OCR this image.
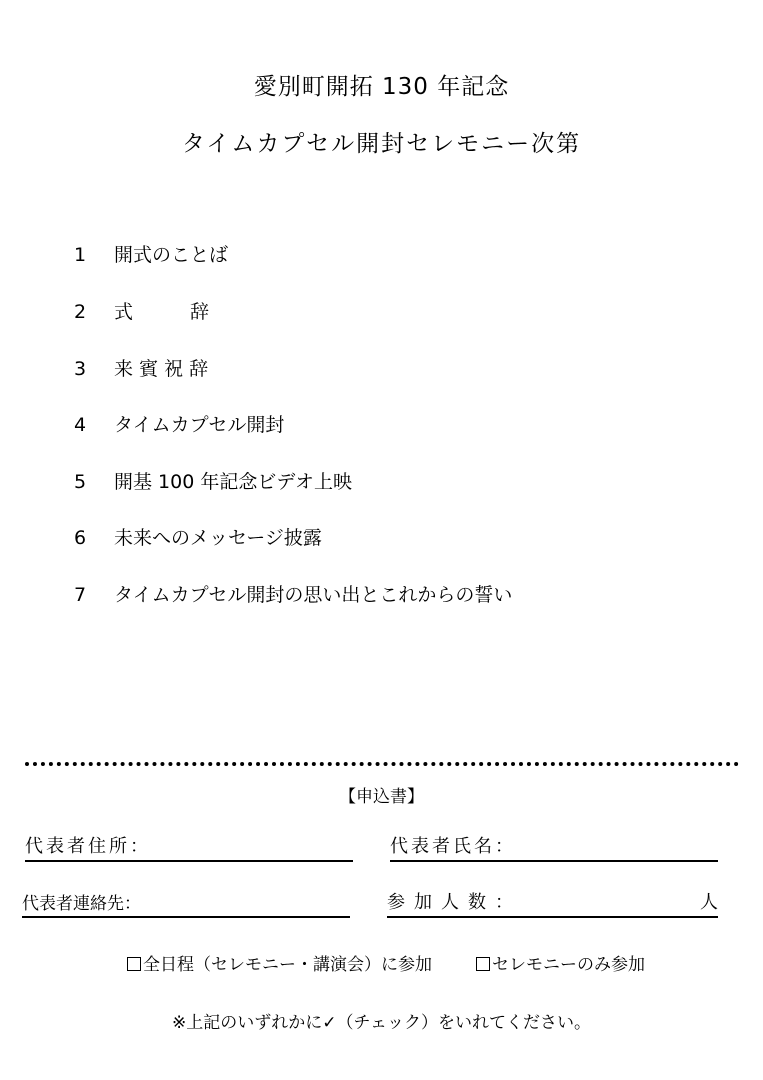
愛別町開拓 130 年記念
タイムカプセル開封セレモニー次第
1 開式のことば
2 式　　　辞
3 来 賓 祝 辞
4 タイムカプセル開封
5 開基 100 年記念ビデオ上映
6 未来へのメッセージ披露
7 タイムカプセル開封の思い出とこれからの誓い
【申込書】
代表者住所：	代表者氏名：
代表者連絡先：	参加人数：	人
全日程（セレモニー・講演会）に参加	セレモニーのみ参加
※上記のいずれかに✓（チェック）をいれてください。
